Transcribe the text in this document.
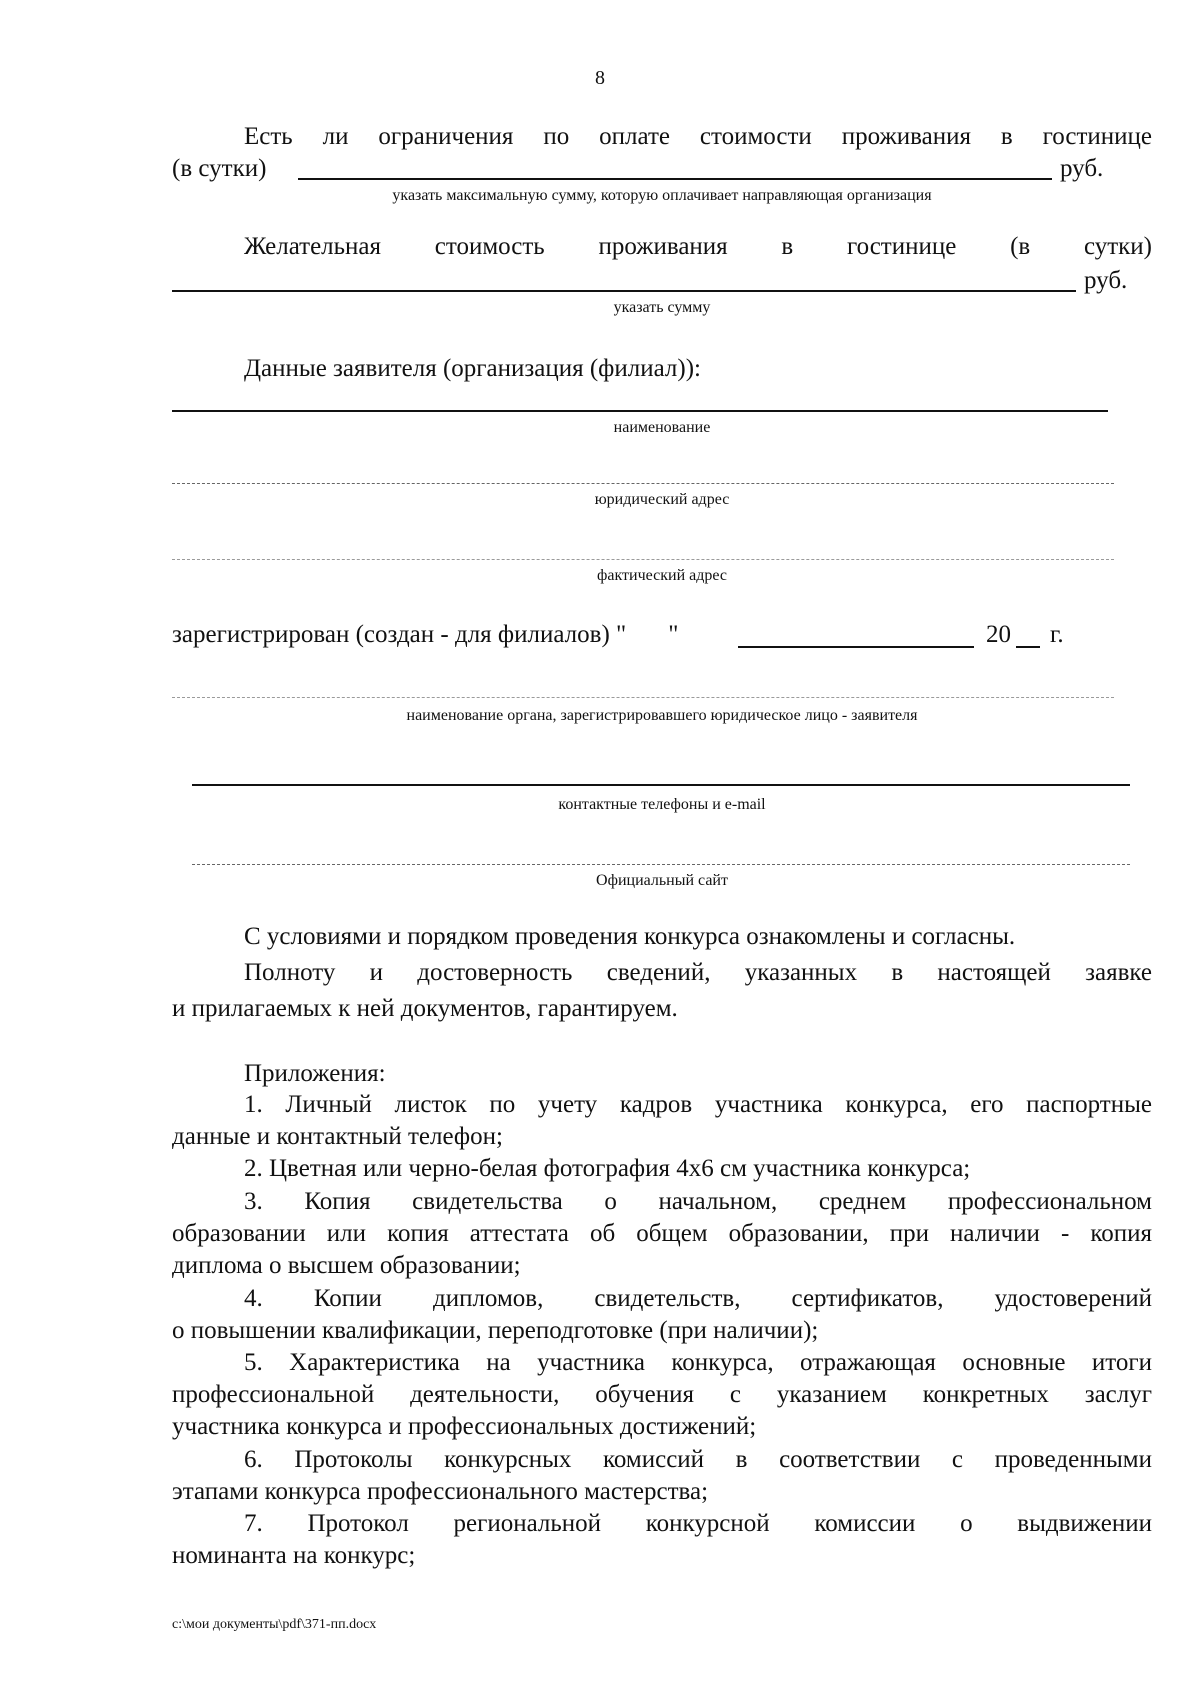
8
Есть ли ограничения по оплате стоимости проживания в гостинице
(в сутки)	руб.
указать максимальную сумму, которую оплачивает направляющая организация
Желательная стоимость проживания в гостинице (в сутки)
руб.
указать сумму
Данные заявителя (организация (филиал)):
наименование
юридический адрес
фактический адрес
зарегистрирован (создан - для филиалов) " "	20 г.
наименование органа, зарегистрировавшего юридическое лицо - заявителя
контактные телефоны и e-mail
Официальный сайт
С условиями и порядком проведения конкурса ознакомлены и согласны.
Полноту и достоверность сведений, указанных в настоящей заявке
и прилагаемых к ней документов, гарантируем.
Приложения:
1. Личный листок по учету кадров участника конкурса, его паспортные
данные и контактный телефон;
2. Цветная или черно-белая фотография 4х6 см участника конкурса;
3. Копия свидетельства о начальном, среднем профессиональном
образовании или копия аттестата об общем образовании, при наличии - копия
диплома о высшем образовании;
4. Копии дипломов, свидетельств, сертификатов, удостоверений
о повышении квалификации, переподготовке (при наличии);
5. Характеристика на участника конкурса, отражающая основные итоги
профессиональной деятельности, обучения с указанием конкретных заслуг
участника конкурса и профессиональных достижений;
6. Протоколы конкурсных комиссий в соответствии с проведенными
этапами конкурса профессионального мастерства;
7. Протокол региональной конкурсной комиссии о выдвижении
номинанта на конкурс;
c:\мои документы\pdf\371-пп.docx
